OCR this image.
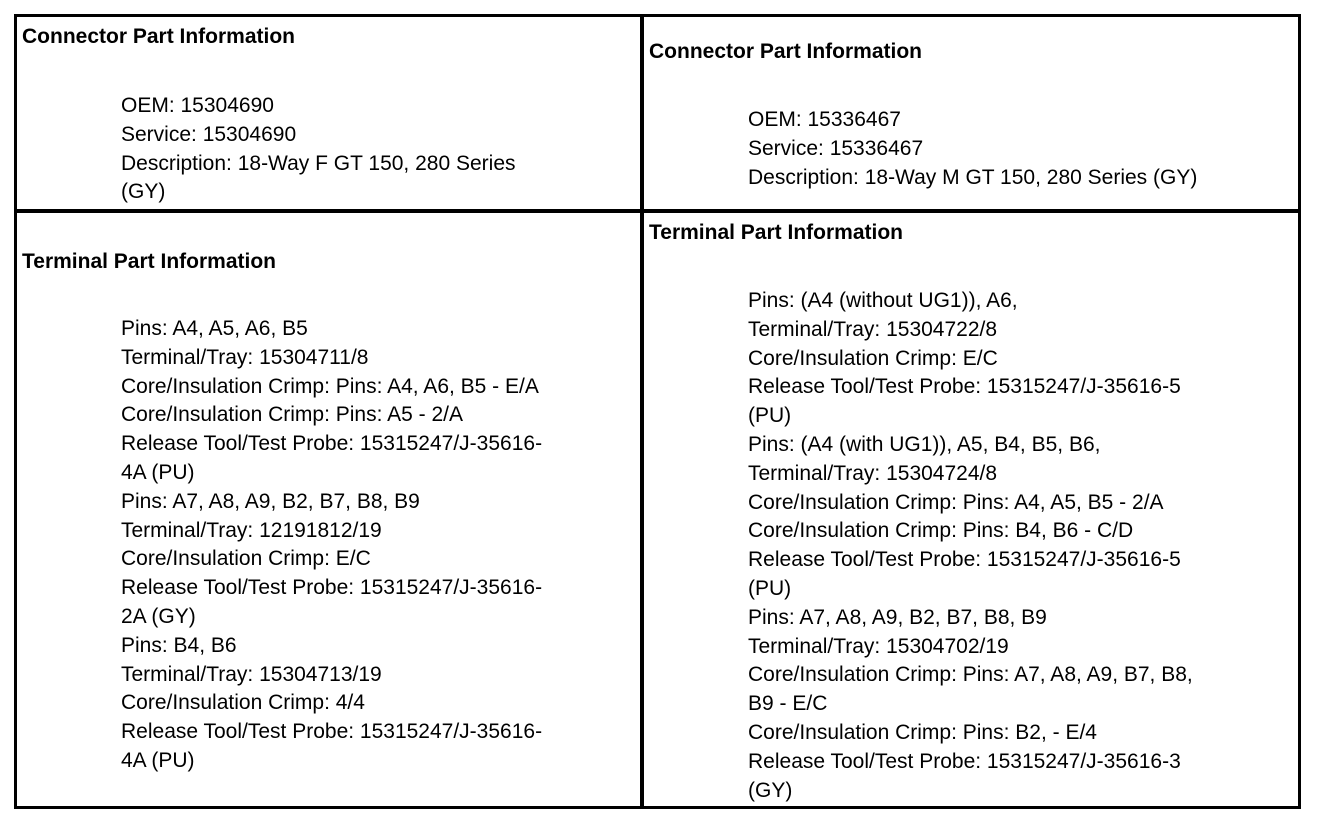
Connector Part Information
OEM: 15304690
Service: 15304690
Description: 18-Way F GT 150, 280 Series
(GY)
Connector Part Information
OEM: 15336467
Service: 15336467
Description: 18-Way M GT 150, 280 Series (GY)
Terminal Part Information
Pins: A4, A5, A6, B5
Terminal/Tray: 15304711/8
Core/Insulation Crimp: Pins: A4, A6, B5 - E/A
Core/Insulation Crimp: Pins: A5 - 2/A
Release Tool/Test Probe: 15315247/J-35616-
4A (PU)
Pins: A7, A8, A9, B2, B7, B8, B9
Terminal/Tray: 12191812/19
Core/Insulation Crimp: E/C
Release Tool/Test Probe: 15315247/J-35616-
2A (GY)
Pins: B4, B6
Terminal/Tray: 15304713/19
Core/Insulation Crimp: 4/4
Release Tool/Test Probe: 15315247/J-35616-
4A (PU)
Terminal Part Information
Pins: (A4 (without UG1)), A6,
Terminal/Tray: 15304722/8
Core/Insulation Crimp: E/C
Release Tool/Test Probe: 15315247/J-35616-5
(PU)
Pins: (A4 (with UG1)), A5, B4, B5, B6,
Terminal/Tray: 15304724/8
Core/Insulation Crimp: Pins: A4, A5, B5 - 2/A
Core/Insulation Crimp: Pins: B4, B6 - C/D
Release Tool/Test Probe: 15315247/J-35616-5
(PU)
Pins: A7, A8, A9, B2, B7, B8, B9
Terminal/Tray: 15304702/19
Core/Insulation Crimp: Pins: A7, A8, A9, B7, B8,
B9 - E/C
Core/Insulation Crimp: Pins: B2, - E/4
Release Tool/Test Probe: 15315247/J-35616-3
(GY)
